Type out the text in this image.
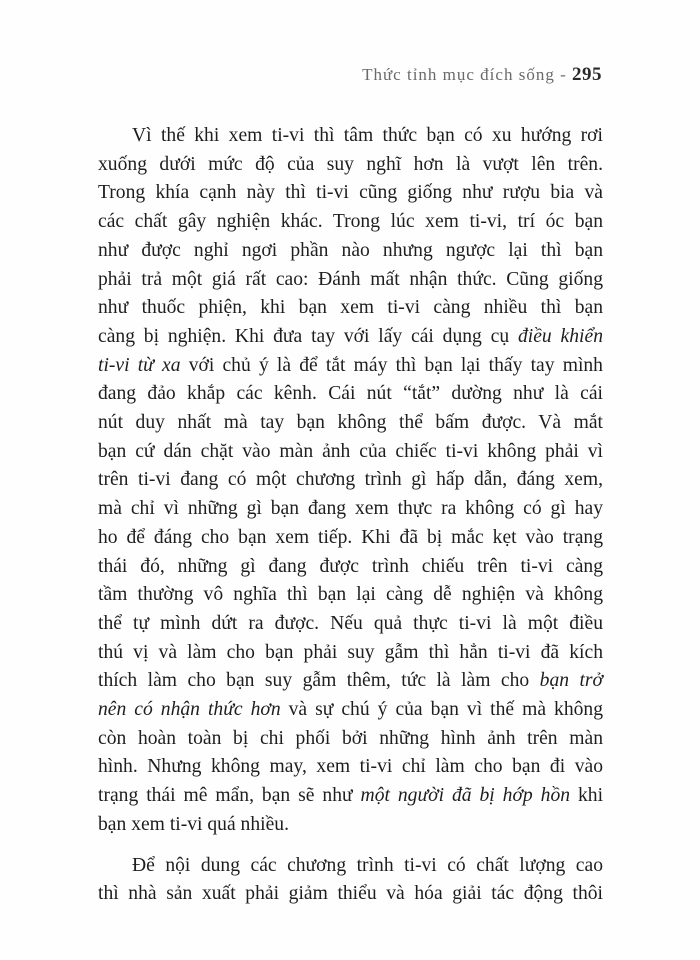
Thức tỉnh mục đích sống - 295
Vì thế khi xem ti-vi thì tâm thức bạn có xu hướng rơi
xuống dưới mức độ của suy nghĩ hơn là vượt lên trên.
Trong khía cạnh này thì ti-vi cũng giống như rượu bia và
các chất gây nghiện khác. Trong lúc xem ti-vi, trí óc bạn
như được nghỉ ngơi phần nào nhưng ngược lại thì bạn
phải trả một giá rất cao: Đánh mất nhận thức. Cũng giống
như thuốc phiện, khi bạn xem ti-vi càng nhiều thì bạn
càng bị nghiện. Khi đưa tay với lấy cái dụng cụ điều khiển
ti-vi từ xa với chủ ý là để tắt máy thì bạn lại thấy tay mình
đang đảo khắp các kênh. Cái nút “tắt” dường như là cái
nút duy nhất mà tay bạn không thể bấm được. Và mắt
bạn cứ dán chặt vào màn ảnh của chiếc ti-vi không phải vì
trên ti-vi đang có một chương trình gì hấp dẫn, đáng xem,
mà chỉ vì những gì bạn đang xem thực ra không có gì hay
ho để đáng cho bạn xem tiếp. Khi đã bị mắc kẹt vào trạng
thái đó, những gì đang được trình chiếu trên ti-vi càng
tầm thường vô nghĩa thì bạn lại càng dễ nghiện và không
thể tự mình dứt ra được. Nếu quả thực ti-vi là một điều
thú vị và làm cho bạn phải suy gẫm thì hẳn ti-vi đã kích
thích làm cho bạn suy gẫm thêm, tức là làm cho bạn trở
nên có nhận thức hơn và sự chú ý của bạn vì thế mà không
còn hoàn toàn bị chi phối bởi những hình ảnh trên màn
hình. Nhưng không may, xem ti-vi chỉ làm cho bạn đi vào
trạng thái mê mẩn, bạn sẽ như một người đã bị hớp hồn khi
bạn xem ti-vi quá nhiều.
Để nội dung các chương trình ti-vi có chất lượng cao
thì nhà sản xuất phải giảm thiểu và hóa giải tác động thôi
